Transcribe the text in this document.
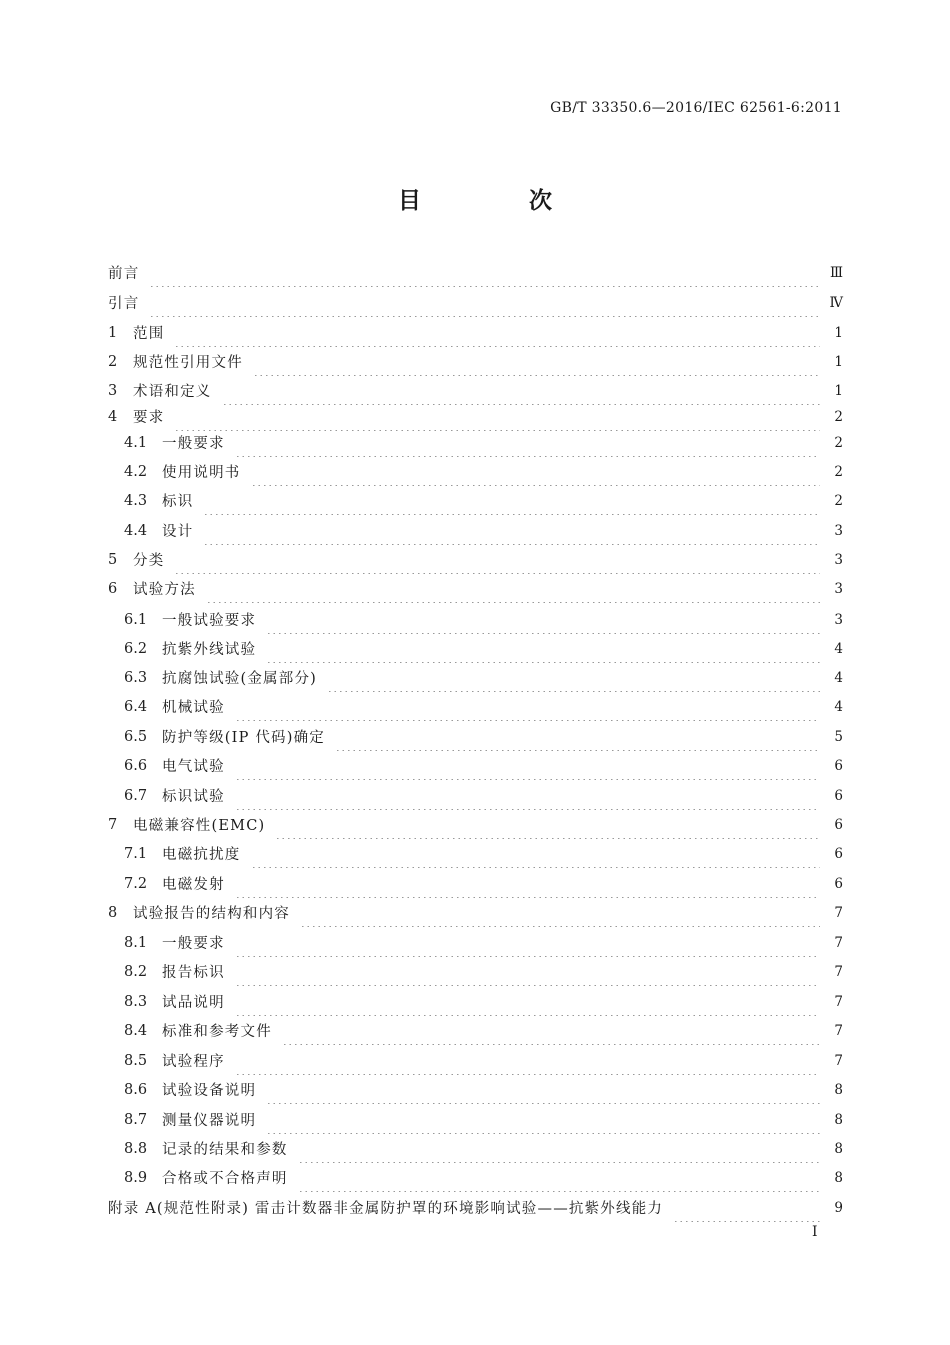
GB/T 33350.6—2016/IEC 62561-6:2011
目 次
前言	Ⅲ
引言	Ⅳ
1	范围	1
2	规范性引用文件	1
3	术语和定义	1
4	要求	2
4.1	一般要求	2
4.2	使用说明书	2
4.3	标识	2
4.4	设计	3
5	分类	3
6	试验方法	3
6.1	一般试验要求	3
6.2	抗紫外线试验	4
6.3	抗腐蚀试验(金属部分)	4
6.4	机械试验	4
6.5	防护等级(IP 代码)确定	5
6.6	电气试验	6
6.7	标识试验	6
7	电磁兼容性(EMC)	6
7.1	电磁抗扰度	6
7.2	电磁发射	6
8	试验报告的结构和内容	7
8.1	一般要求	7
8.2	报告标识	7
8.3	试品说明	7
8.4	标准和参考文件	7
8.5	试验程序	7
8.6	试验设备说明	8
8.7	测量仪器说明	8
8.8	记录的结果和参数	8
8.9	合格或不合格声明	8
附录 A(规范性附录) 雷击计数器非金属防护罩的环境影响试验——抗紫外线能力	9
I
